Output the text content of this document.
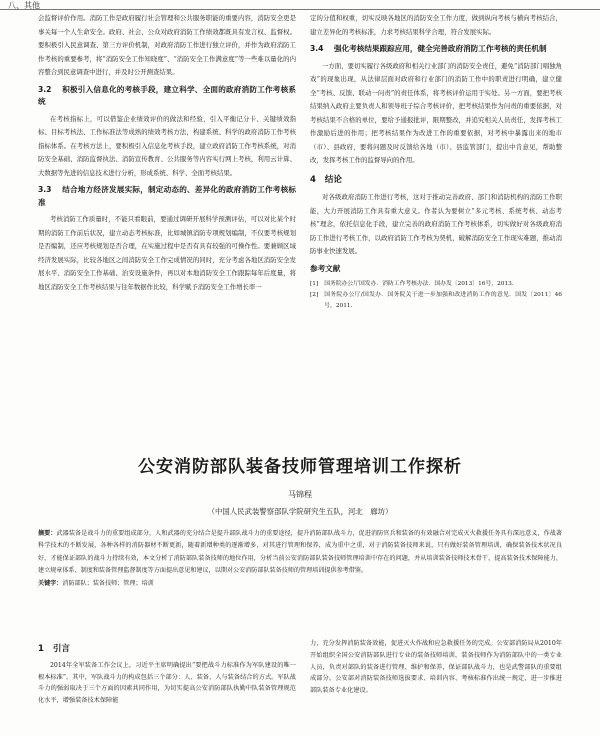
八、其他

会监督评价作用。消防工作是政府履行社会管理和公共服务职能的重要内容，消防安全更是事关每一个人生命安全。政府、社会、公众对政府消防工作绩效都既具有发言权、监督权。要积极引入民意调查、第三方评价机制，对政府消防工作进行独立评价，并作为政府消防工作考核的重要参考，将“消防安全工作知晓度”、“消防安全工作满意度”等一些难以量化的内容整合到民意调查中进行，并及时公开测查结果。

3.2 积极引入信息化的考核手段，建立科学、全面的政府消防工作考核系统

在考核指标上，可以借鉴企业绩效评价的做法和经验，引入平衡记分卡、关键绩效指标、目标考核法、工作标准法等成熟的绩效考核方法，构建系统、科学的政府消防工作考核指标体系。在考核方法上，要积极引入信息化考核手段，建立政府消防工作考核系统，对消防安全基础、消防监督执法、消防宣传教育、公共服务等内容实行网上考核，利用云计算、大数据等先进的信息技术进行分析，形成系统、科学、全面考核结果。

3.3 结合地方经济发展实际，制定动态的、差异化的政府消防工作考核标准

考核消防工作质量时，不能只看眼前，要通过调研开展科学预测评估，可以对比某个时期的消防工作前后状况，建立动态考核标准，比如城镇消防专项规划编制，不仅要考核规划是否编制，还应考核规划是否合理，在实施过程中是否有具有较强的可操作性。要兼顾区域经济发展实际，比较各地区之间消防安全工作完成情况的同时，充分考虑各地区消防安全发展水平、消防安全工作基础、治安设施条件，再以对本地消防安全工作跟踪每年后度量，将地区消防安全工作考核结果与往年数据作比较，科学赋予消防安全工作增长率一

定的分值和权重，切实反映各地区的消防安全工作力度，做到纵向考核与横向考核结合，建立差异化的考核标准，力求考核结果科学合理，符合发展实际。

3.4 强化考核结果跟踪应用，健全完善政府消防工作考核的责任机制

一方面，要切实履行各级政府和相关行业部门的消防安全责任，避免“消防部门唱独角戏”的现象出现，从法律层面对政府和行业部门的消防工作中的职责进行明确，建立健全“考核、反馈、联动一问责”的责任体系，将考核评价运用于实处。另一方面，要把考核结果纳入政府主要负责人和领导班子综合考核评价，把考核结果作为问责的重要依据，对考核结果不合格的单位，要给予通报批评，限期整改，并追究相关人员责任，发挥考核工作激励后进的作用；把考核结果作为改进工作的重要依据，对考核中暴露出来的地市（市）、县政府，要将问题及时反馈给各地（市）、县监管部门，提出中肯意见，帮助整改，发挥考核工作的监督导向的作用。

4 结论

对各级政府消防工作进行考核，这对于推动完善政府、部门和消防机构的消防工作职能，大力开展消防工作具有重大意义。作者认为要树立“多元考核、系统考核、动态考核”理念，依托信息化手段，建立完善的政府消防工作考核体系，切实做好对各级政府消防工作进行考核工作，以政府消防工作考核为契机，破解消防安全工作现实难题，推动消防事业快速发展。

参考文献
[1] 国务院办公厅国发办．消防工作考核办法．国办发〔2013〕16号，2013.
[2] 国务院办公厅/国发办．国务院关于进一步加强和改进消防工作的意见．国发〔2011〕46号，2011.
公安消防部队装备技师管理培训工作探析
马锦程
（中国人民武装警察部队学院研究生五队，河北　廊坊）
摘要：武器装备是战斗力的重要组成部分，人和武器的充分结合是提升部队战斗力的重要途径，提升消防部队战斗力，促进消防官兵和装备的有效融合对完成灭火救援任务具有深远意义，作战著科学技术的不断发展，各种各样的消防器材不断更新，随着新增种类的逐渐增多，对其进行管理和保养，成为重中之重，对于消防装备技师来说，只有做好装备管理培训，确保装备技术状况良好，才能保证部队的战斗力持续有效，本文分析了消防部队装备技师的地位作用，分析当前公安消防部队装备技师管理培训中存在的问题，并从培训装备技师技术骨干，提高装备技术保障能力，建立规章体系、制度和装备管理监督制度等方面提出意见和建议，以期对公安消防部队装备技师的管理培训提供参考借鉴。
关键字：消防部队；装备技师；管理；培训
1 引言

2014年全军装备工作会议上，习近平主席明确提出“要把战斗力标准作为军队建设的唯一根本标准”。其中，军队战斗力的构成包括三个部分：人、装备、人与装备结合的方式。军队战斗力的强弱取决于三个方面的因素共同作用，为切实提高公安消防部队执勤中队装备管理规范化水平，增强装备技术保障能

力，充分发挥消防装备效能，促进灭火作战和应急救援任务的完成。公安部消防局从2010年开始组织全国公安消防部队进行专业的装备技师培训，装备技师作为消防部队中的一类专业人员，负责对部队的装备进行管理、维护和保养，保证部队战斗力，也是武警部队的重要组成部分。公安部对消防装备技师选拔要求、培训内容、考核标准作出统一规定，进一步推进部队装备专业化建设。
